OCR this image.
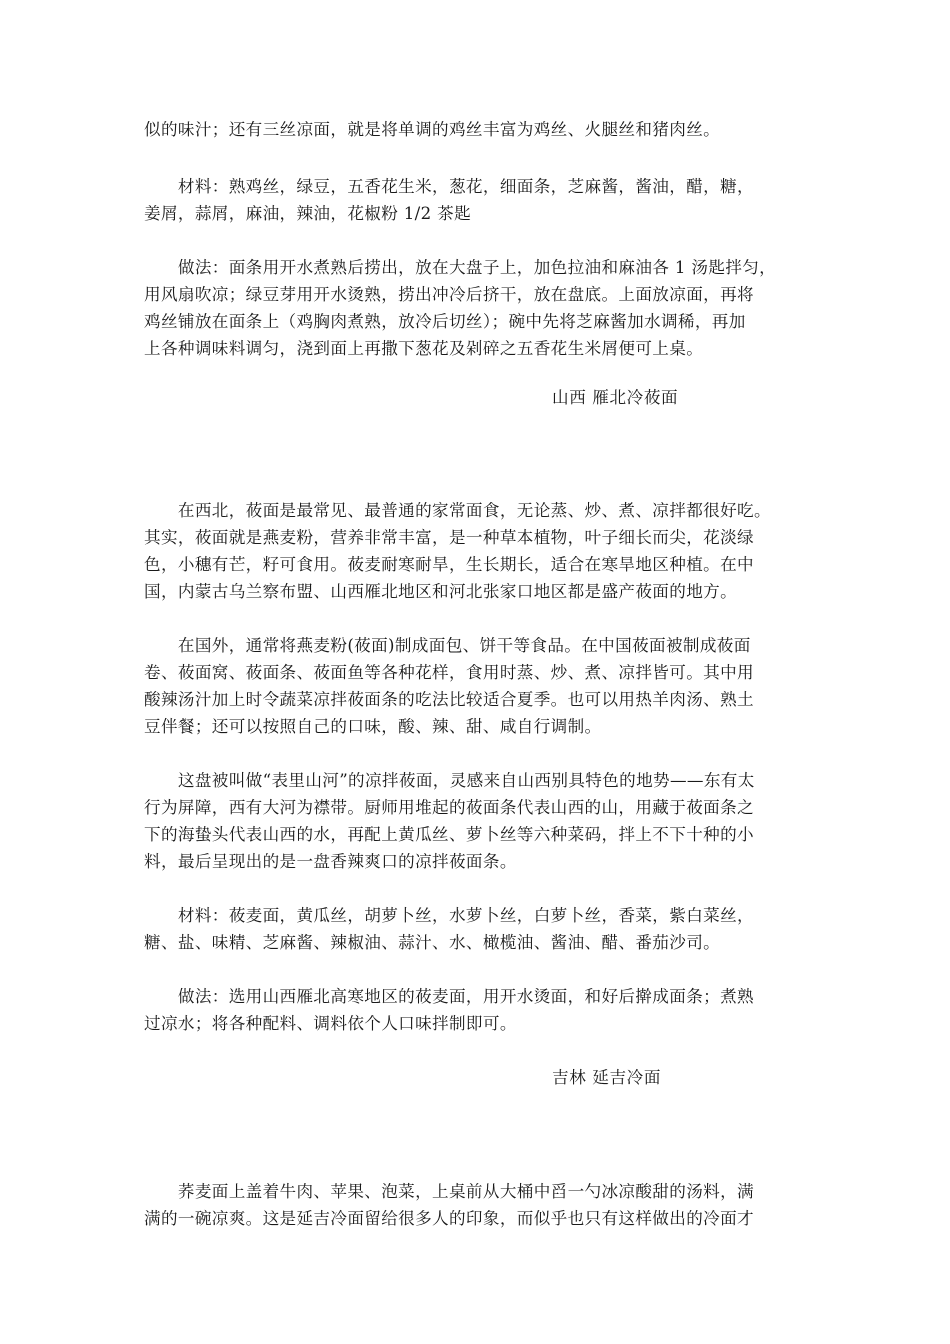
似的味汁；还有三丝凉面，就是将单调的鸡丝丰富为鸡丝、火腿丝和猪肉丝。
　　材料：熟鸡丝，绿豆，五香花生米，葱花，细面条，芝麻酱，酱油，醋，糖，
姜屑，蒜屑，麻油，辣油，花椒粉 1/2 茶匙
　　做法：面条用开水煮熟后捞出，放在大盘子上，加色拉油和麻油各 1 汤匙拌匀，
用风扇吹凉；绿豆芽用开水烫熟，捞出冲冷后挤干，放在盘底。上面放凉面，再将
鸡丝铺放在面条上（鸡胸肉煮熟，放冷后切丝）；碗中先将芝麻酱加水调稀，再加
上各种调味料调匀，浇到面上再撒下葱花及剁碎之五香花生米屑便可上桌。
山西 雁北冷莜面
　　在西北，莜面是最常见、最普通的家常面食，无论蒸、炒、煮、凉拌都很好吃。
其实，莜面就是燕麦粉，营养非常丰富，是一种草本植物，叶子细长而尖，花淡绿
色，小穗有芒，籽可食用。莜麦耐寒耐旱，生长期长，适合在寒旱地区种植。在中
国，内蒙古乌兰察布盟、山西雁北地区和河北张家口地区都是盛产莜面的地方。
　　在国外，通常将燕麦粉(莜面)制成面包、饼干等食品。在中国莜面被制成莜面
卷、莜面窝、莜面条、莜面鱼等各种花样，食用时蒸、炒、煮、凉拌皆可。其中用
酸辣汤汁加上时令蔬菜凉拌莜面条的吃法比较适合夏季。也可以用热羊肉汤、熟土
豆伴餐；还可以按照自己的口味，酸、辣、甜、咸自行调制。
　　这盘被叫做“表里山河”的凉拌莜面，灵感来自山西别具特色的地势——东有太
行为屏障，西有大河为襟带。厨师用堆起的莜面条代表山西的山，用藏于莜面条之
下的海蛰头代表山西的水，再配上黄瓜丝、萝卜丝等六种菜码，拌上不下十种的小
料，最后呈现出的是一盘香辣爽口的凉拌莜面条。
　　材料：莜麦面，黄瓜丝，胡萝卜丝，水萝卜丝，白萝卜丝，香菜，紫白菜丝，
糖、盐、味精、芝麻酱、辣椒油、蒜汁、水、橄榄油、酱油、醋、番茄沙司。
　　做法：选用山西雁北高寒地区的莜麦面，用开水烫面，和好后擀成面条；煮熟
过凉水；将各种配料、调料依个人口味拌制即可。
吉林 延吉冷面
　　荞麦面上盖着牛肉、苹果、泡菜，上桌前从大桶中舀一勺冰凉酸甜的汤料，满
满的一碗凉爽。这是延吉冷面留给很多人的印象，而似乎也只有这样做出的冷面才
